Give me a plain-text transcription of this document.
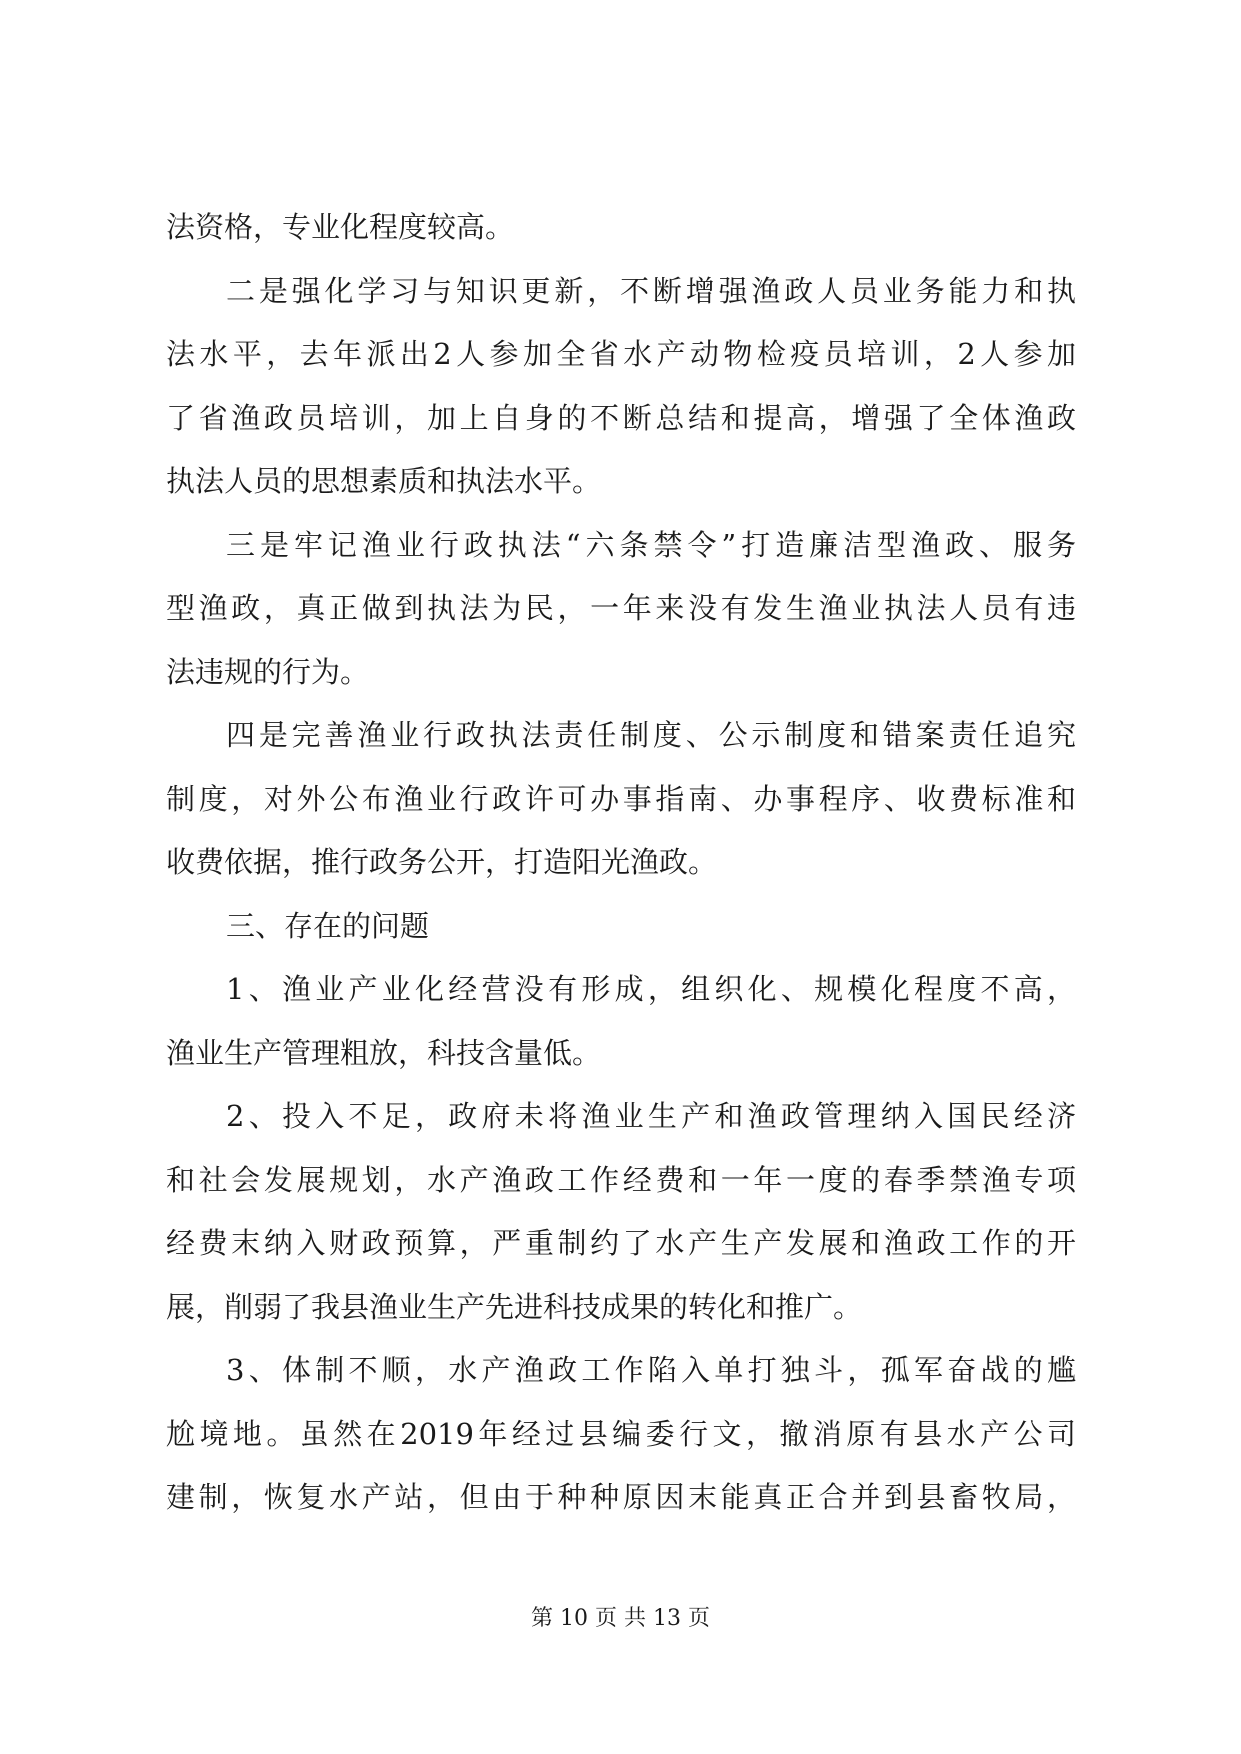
法资格，专业化程度较高。
二是强化学习与知识更新，不断增强渔政人员业务能力和执
法水平，去年派出2人参加全省水产动物检疫员培训，2人参加
了省渔政员培训，加上自身的不断总结和提高，增强了全体渔政
执法人员的思想素质和执法水平。
三是牢记渔业行政执法“六条禁令”打造廉洁型渔政、服务
型渔政，真正做到执法为民，一年来没有发生渔业执法人员有违
法违规的行为。
四是完善渔业行政执法责任制度、公示制度和错案责任追究
制度，对外公布渔业行政许可办事指南、办事程序、收费标准和
收费依据，推行政务公开，打造阳光渔政。
三、存在的问题
1、渔业产业化经营没有形成，组织化、规模化程度不高，
渔业生产管理粗放，科技含量低。
2、投入不足，政府未将渔业生产和渔政管理纳入国民经济
和社会发展规划，水产渔政工作经费和一年一度的春季禁渔专项
经费末纳入财政预算，严重制约了水产生产发展和渔政工作的开
展，削弱了我县渔业生产先进科技成果的转化和推广。
3、体制不顺，水产渔政工作陷入单打独斗，孤军奋战的尴
尬境地。虽然在2019年经过县编委行文，撤消原有县水产公司
建制，恢复水产站，但由于种种原因末能真正合并到县畜牧局，
第 10 页 共 13 页
